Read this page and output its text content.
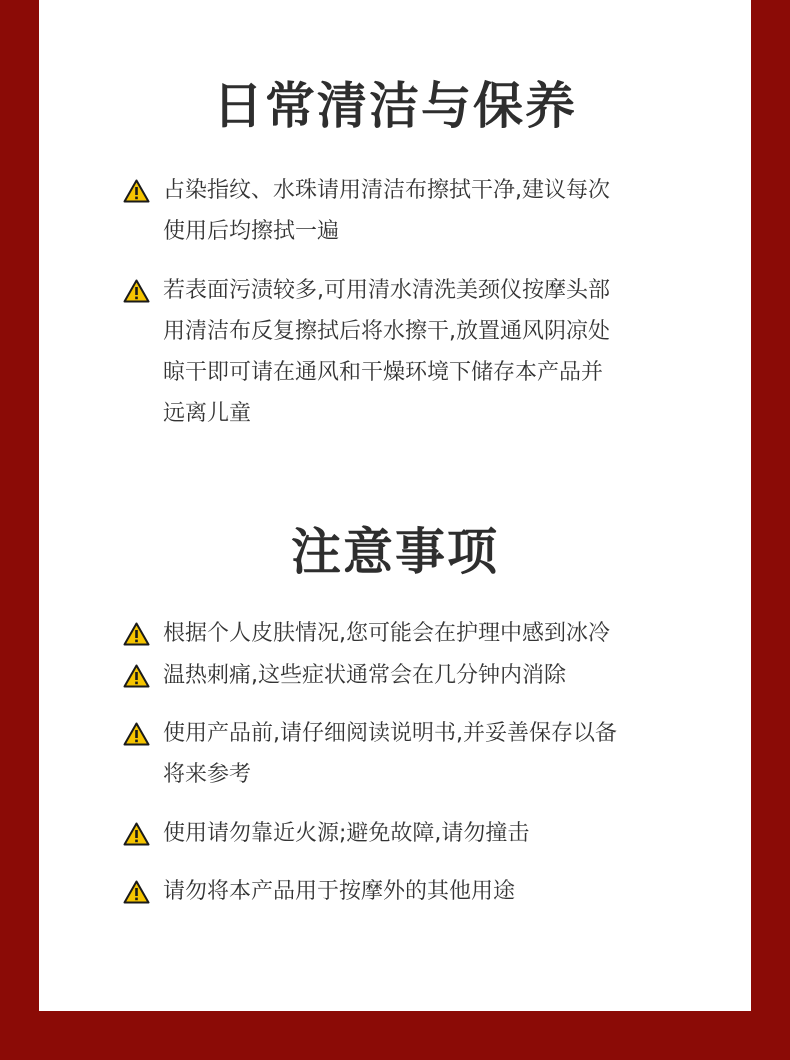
日常清洁与保养
占染指纹、水珠请用清洁布擦拭干净,建议每次
使用后均擦拭一遍
若表面污渍较多,可用清水清洗美颈仪按摩头部
用清洁布反复擦拭后将水擦干,放置通风阴凉处
晾干即可请在通风和干燥环境下储存本产品并
远离儿童
注意事项
根据个人皮肤情况,您可能会在护理中感到冰冷
温热刺痛,这些症状通常会在几分钟内消除
使用产品前,请仔细阅读说明书,并妥善保存以备
将来参考
使用请勿靠近火源;避免故障,请勿撞击
请勿将本产品用于按摩外的其他用途
